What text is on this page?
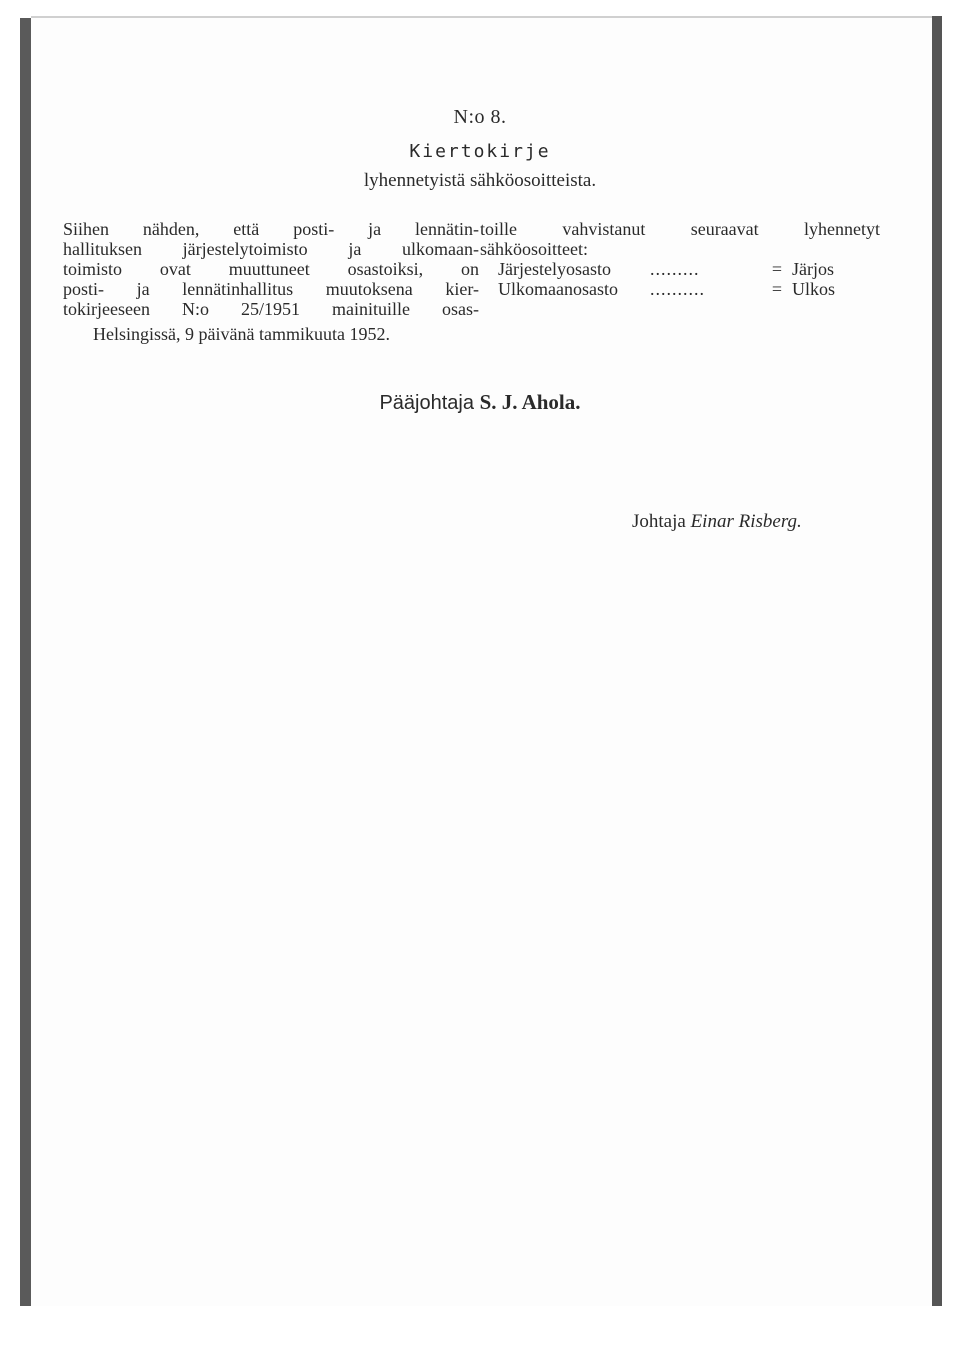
N:o 8.
Kiertokirje
lyhennetyistä sähköosoitteista.
Siihen nähden, että posti- ja lennätin-
hallituksen järjestelytoimisto ja ulkomaan-
toimisto ovat muuttuneet osastoiksi, on
posti- ja lennätinhallitus muutoksena kier-
tokirjeeseen N:o 25/1951 mainituille osas-
toille vahvistanut seuraavat lyhennetyt
sähköosoitteet:
Järjestelyosasto	.........	= Järjos
Ulkomaanosasto	..........	= Ulkos
Helsingissä, 9 päivänä tammikuuta 1952.
Pääjohtaja S. J. Ahola.
Johtaja Einar Risberg.
